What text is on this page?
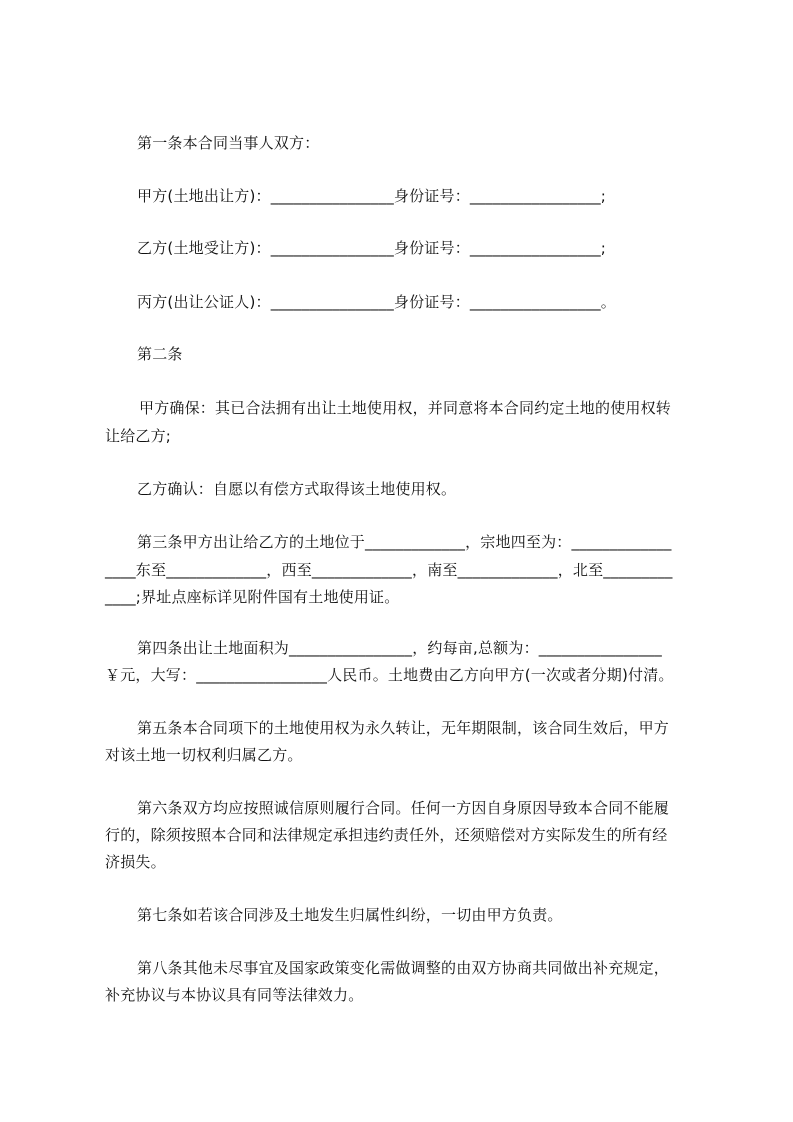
第一条本合同当事人双方：
甲方(土地出让方)：________________身份证号：_________________;
乙方(土地受让方)：________________身份证号：_________________;
丙方(出让公证人)：________________身份证号：_________________。
第二条
甲方确保：其已合法拥有出让土地使用权，并同意将本合同约定土地的使用权转
让给乙方;
乙方确认：自愿以有偿方式取得该土地使用权。
第三条甲方出让给乙方的土地位于_____________，宗地四至为：_____________
____东至_____________，西至_____________，南至_____________，北至_________
____;界址点座标详见附件国有土地使用证。
第四条出让土地面积为________________，约每亩,总额为：________________
￥元，大写：_________________人民币。土地费由乙方向甲方(一次或者分期)付清。
第五条本合同项下的土地使用权为永久转让，无年期限制，该合同生效后，甲方
对该土地一切权利归属乙方。
第六条双方均应按照诚信原则履行合同。任何一方因自身原因导致本合同不能履
行的，除须按照本合同和法律规定承担违约责任外，还须赔偿对方实际发生的所有经
济损失。
第七条如若该合同涉及土地发生归属性纠纷，一切由甲方负责。
第八条其他未尽事宜及国家政策变化需做调整的由双方协商共同做出补充规定，
补充协议与本协议具有同等法律效力。
